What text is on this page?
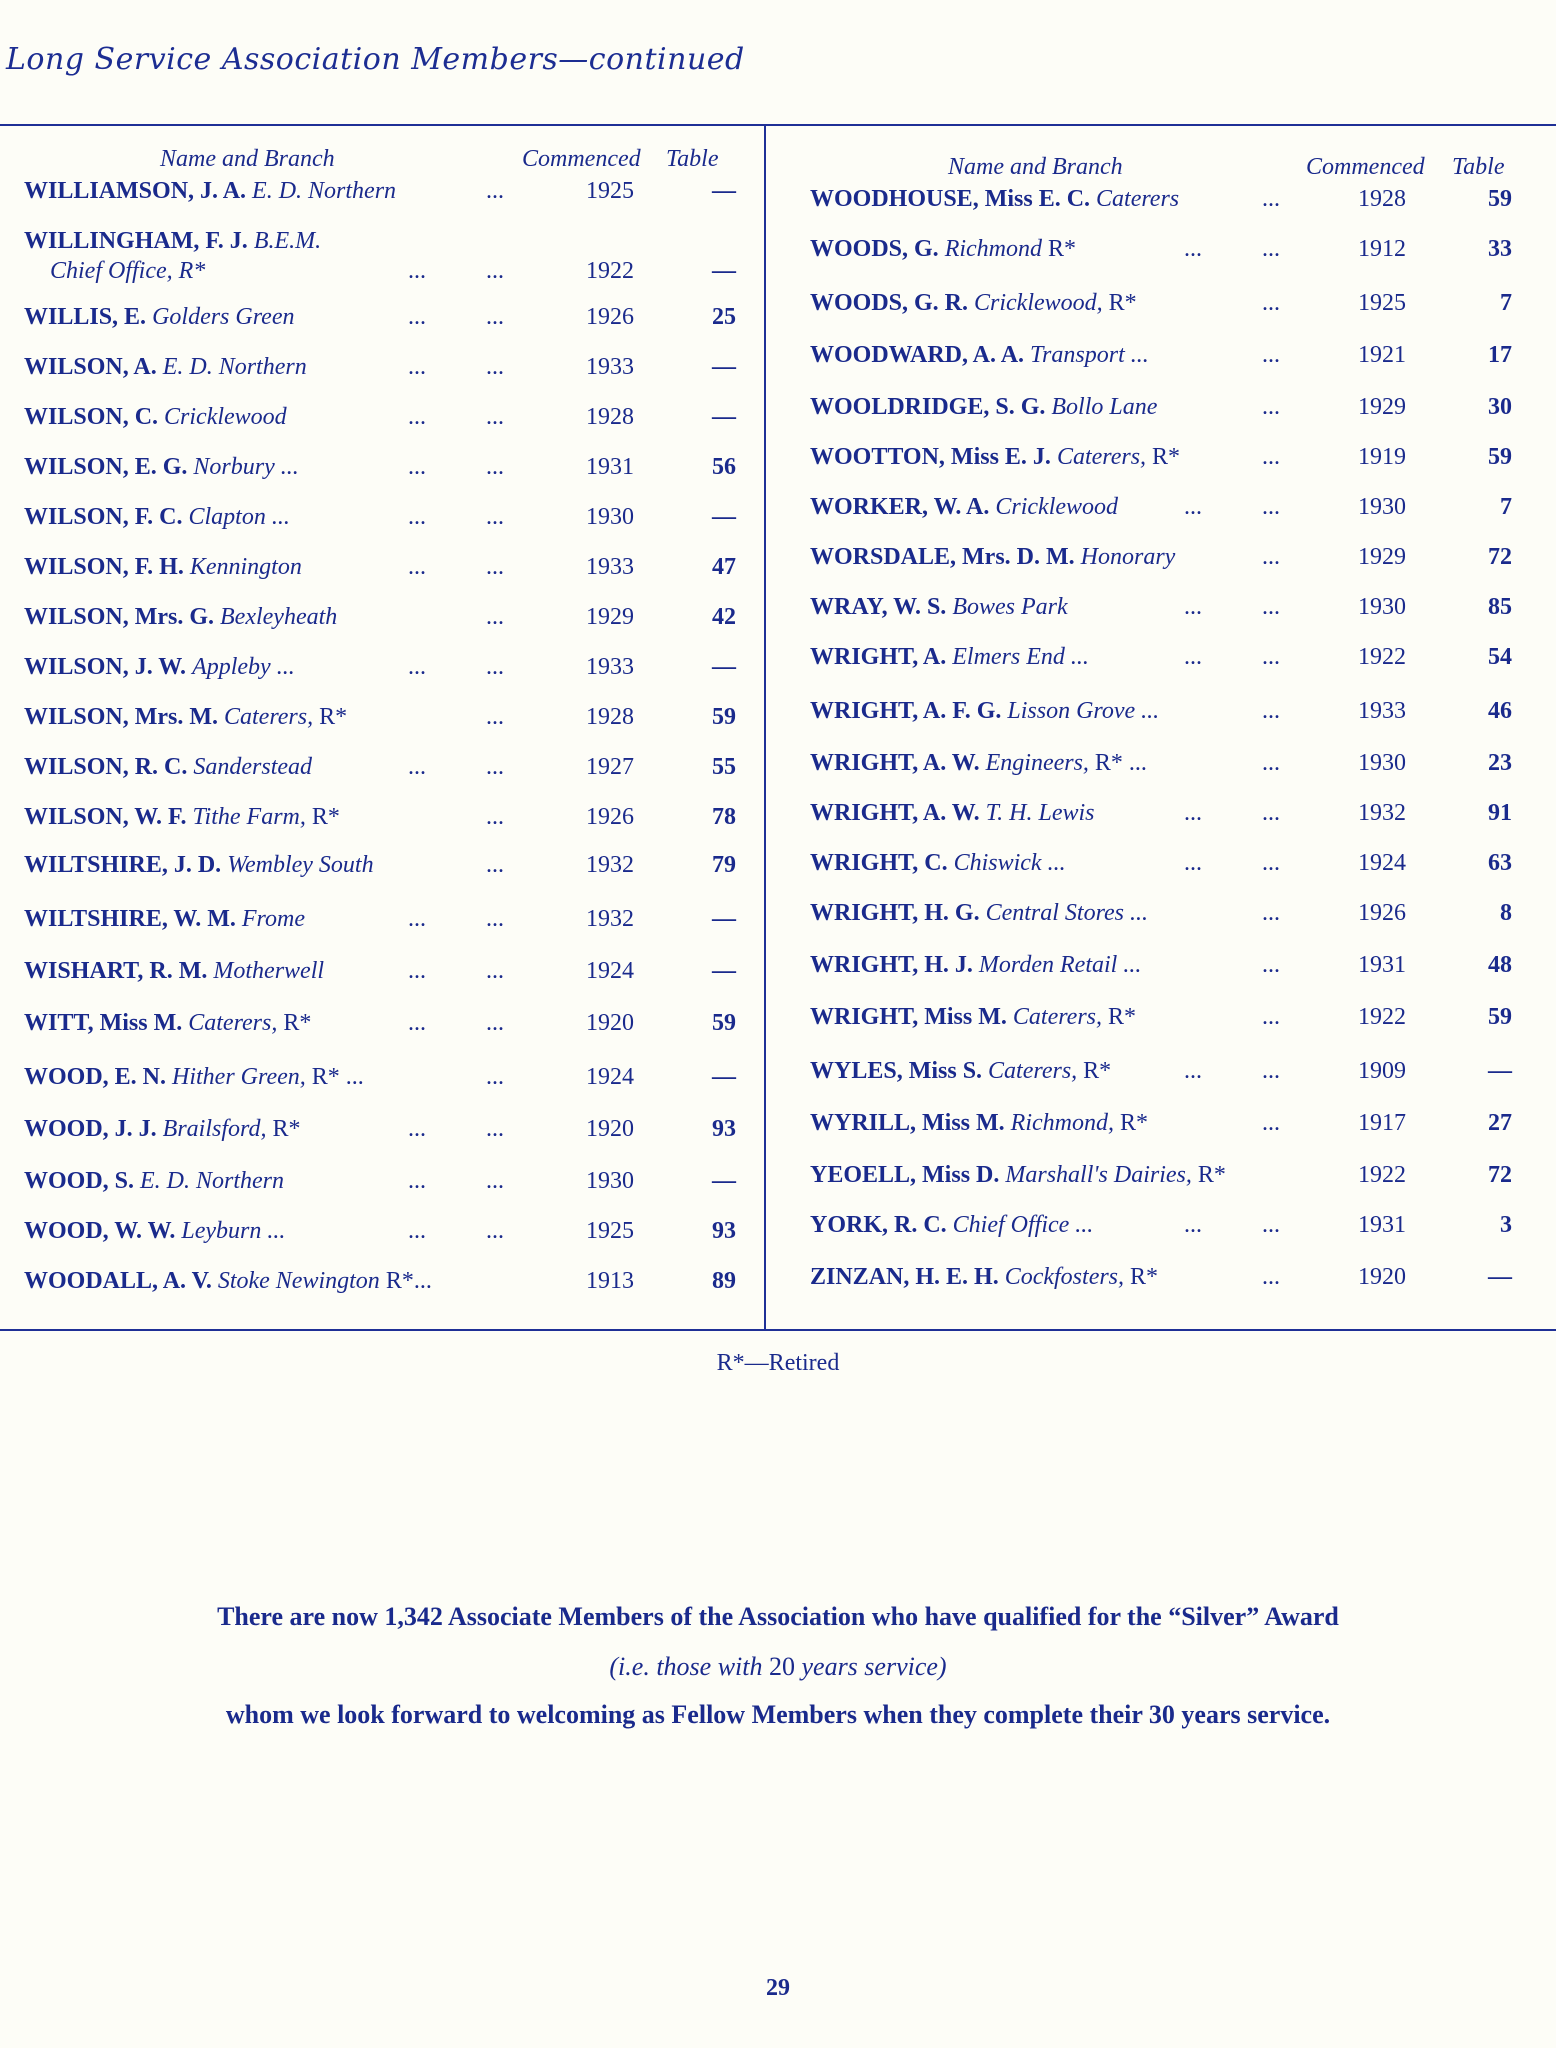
Long Service Association Members—continued
Name and Branch	Commenced Table
WILLIAMSON, J. A. E. D. Northern	...	1925	—
WILLINGHAM, F. J. B.E.M.
Chief Office, R*	...	...	1922	—
WILLIS, E. Golders Green	...	...	1926	25
WILSON, A. E. D. Northern	...	...	1933	—
WILSON, C. Cricklewood	...	...	1928	—
WILSON, E. G. Norbury ...	...	...	1931	56
WILSON, F. C. Clapton ...	...	...	1930	—
WILSON, F. H. Kennington	...	...	1933	47
WILSON, Mrs. G. Bexleyheath	...	1929	42
WILSON, J. W. Appleby ...	...	...	1933	—
WILSON, Mrs. M. Caterers, R*	...	1928	59
WILSON, R. C. Sanderstead	...	...	1927	55
WILSON, W. F. Tithe Farm, R*	...	1926	78
WILTSHIRE, J. D. Wembley South	...	1932	79
WILTSHIRE, W. M. Frome	...	...	1932	—
WISHART, R. M. Motherwell	...	...	1924	—
WITT, Miss M. Caterers, R*	...	...	1920	59
WOOD, E. N. Hither Green, R* ...	...	1924	—
WOOD, J. J. Brailsford, R*	...	...	1920	93
WOOD, S. E. D. Northern	...	...	1930	—
WOOD, W. W. Leyburn ...	...	...	1925	93
WOODALL, A. V. Stoke Newington R*...	1913	89
Name and Branch	Commenced Table
WOODHOUSE, Miss E. C. Caterers	...	1928	59
WOODS, G. Richmond R*	...	...	1912	33
WOODS, G. R. Cricklewood, R*	...	1925	7
WOODWARD, A. A. Transport ...	...	1921	17
WOOLDRIDGE, S. G. Bollo Lane	...	1929	30
WOOTTON, Miss E. J. Caterers, R*	...	1919	59
WORKER, W. A. Cricklewood	...	...	1930	7
WORSDALE, Mrs. D. M. Honorary	...	1929	72
WRAY, W. S. Bowes Park	...	...	1930	85
WRIGHT, A. Elmers End ...	...	...	1922	54
WRIGHT, A. F. G. Lisson Grove ...	...	1933	46
WRIGHT, A. W. Engineers, R* ...	...	1930	23
WRIGHT, A. W. T. H. Lewis	...	...	1932	91
WRIGHT, C. Chiswick ...	...	...	1924	63
WRIGHT, H. G. Central Stores ...	...	1926	8
WRIGHT, H. J. Morden Retail ...	...	1931	48
WRIGHT, Miss M. Caterers, R*	...	1922	59
WYLES, Miss S. Caterers, R*	...	...	1909	—
WYRILL, Miss M. Richmond, R*	...	1917	27
YEOELL, Miss D. Marshall's Dairies, R*	1922	72
YORK, R. C. Chief Office ...	...	...	1931	3
ZINZAN, H. E. H. Cockfosters, R*	...	1920	—
R*—Retired
There are now 1,342 Associate Members of the Association who have qualified for the “Silver” Award
(i.e. those with 20 years service)
whom we look forward to welcoming as Fellow Members when they complete their 30 years service.
29
